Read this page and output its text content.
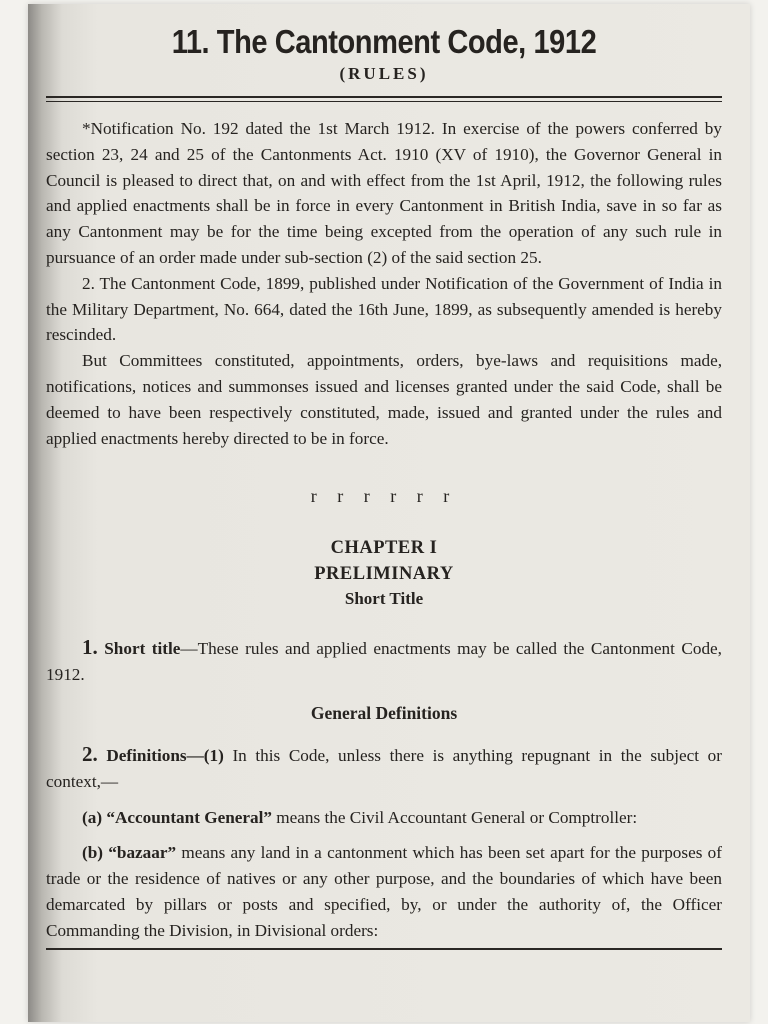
11. The Cantonment Code, 1912
(RULES)

*Notification No. 192 dated the 1st March 1912. In exercise of the powers conferred by section 23, 24 and 25 of the Cantonments Act. 1910 (XV of 1910), the Governor General in Council is pleased to direct that, on and with effect from the 1st April, 1912, the following rules and applied enactments shall be in force in every Cantonment in British India, save in so far as any Cantonment may be for the time being excepted from the operation of any such rule in pursuance of an order made under sub-section (2) of the said section 25.

2. The Cantonment Code, 1899, published under Notification of the Government of India in the Military Department, No. 664, dated the 16th June, 1899, as subsequently amended is hereby rescinded.

But Committees constituted, appointments, orders, bye-laws and requisitions made, notifications, notices and summonses issued and licenses granted under the said Code, shall be deemed to have been respectively constituted, made, issued and granted under the rules and applied enactments hereby directed to be in force.

r r r r r r
CHAPTER I
PRELIMINARY
Short Title

1. Short title—These rules and applied enactments may be called the Cantonment Code, 1912.

General Definitions

2. Definitions—(1) In this Code, unless there is anything repugnant in the subject or context,—

(a) “Accountant General” means the Civil Accountant General or Comptroller:

(b) “bazaar” means any land in a cantonment which has been set apart for the purposes of trade or the residence of natives or any other purpose, and the boundaries of which have been demarcated by pillars or posts and specified, by, or under the authority of, the Officer Commanding the Division, in Divisional orders:
